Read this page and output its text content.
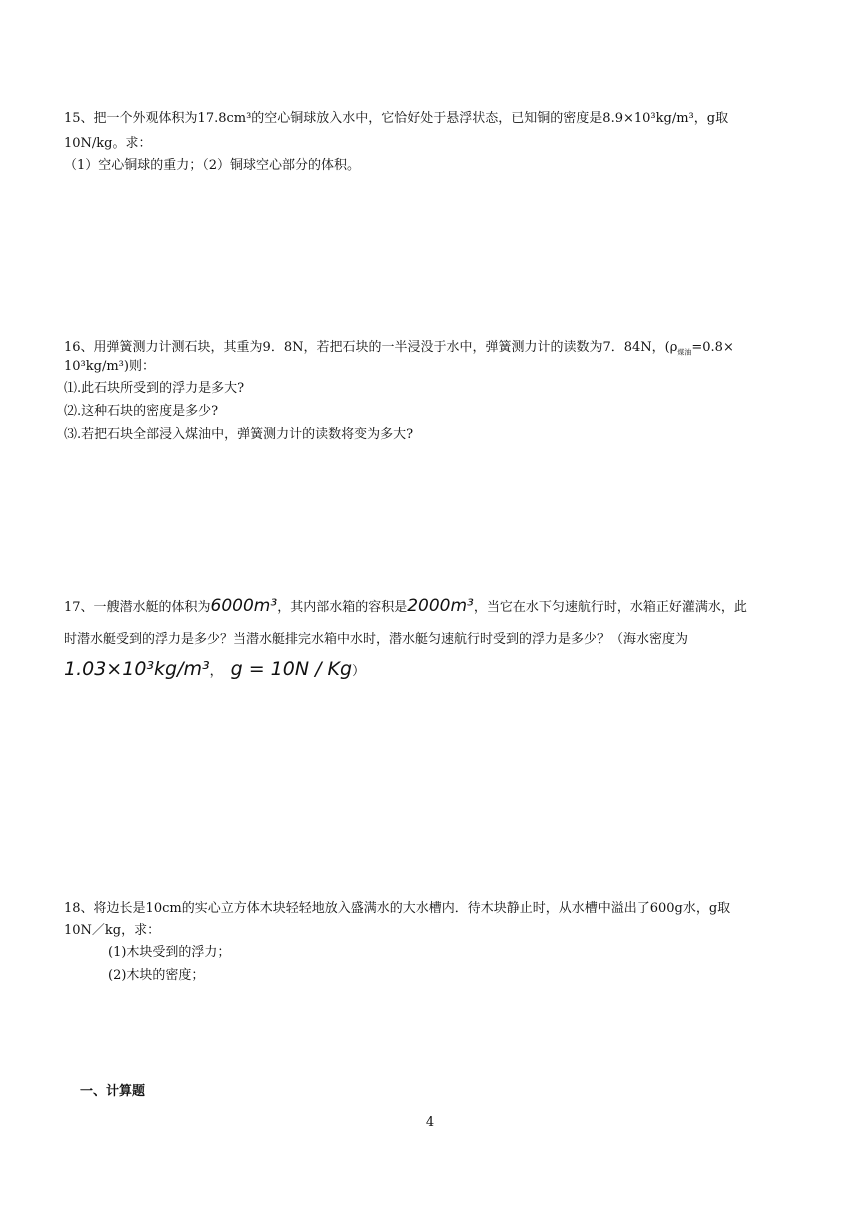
15、把一个外观体积为17.8cm³的空心铜球放入水中，它恰好处于悬浮状态，已知铜的密度是8.9×10³kg/m³，g取
10N/kg。求：
（1）空心铜球的重力；（2）铜球空心部分的体积。
16、用弹簧测力计测石块，其重为9．8N，若把石块的一半浸没于水中，弹簧测力计的读数为7．84N，($\rho_{煤油}=0.8\times$
10³kg/m³)则：
⑴.此石块所受到的浮力是多大?
⑵.这种石块的密度是多少?
⑶.若把石块全部浸入煤油中，弹簧测力计的读数将变为多大?
17、一艘潜水艇的体积为6000m³，其内部水箱的容积是2000m³，当它在水下匀速航行时，水箱正好灌满水，此
时潜水艇受到的浮力是多少？当潜水艇排完水箱中水时，潜水艇匀速航行时受到的浮力是多少？（海水密度为
1.03×10³kg/m³， g = 10N / Kg）
18、将边长是10cm的实心立方体木块轻轻地放入盛满水的大水槽内．待木块静止时，从水槽中溢出了600g水，g取
10N／kg，求：
(1)木块受到的浮力；
(2)木块的密度；
一、计算题
4
